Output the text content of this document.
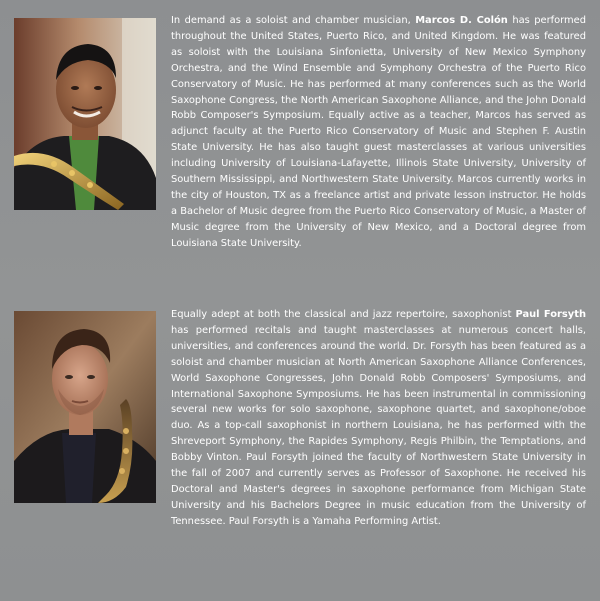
In demand as a soloist and chamber musician, Marcos D. Colón has performed throughout the United States, Puerto Rico, and United Kingdom. He was featured as soloist with the Louisiana Sinfonietta, University of New Mexico Symphony Orchestra, and the Wind Ensemble and Symphony Orchestra of the Puerto Rico Conservatory of Music. He has performed at many conferences such as the World Saxophone Congress, the North American Saxophone Alliance, and the John Donald Robb Composer's Symposium. Equally active as a teacher, Marcos has served as adjunct faculty at the Puerto Rico Conservatory of Music and Stephen F. Austin State University. He has also taught guest masterclasses at various universities including University of Louisiana-Lafayette, Illinois State University, University of Southern Mississippi, and Northwestern State University. Marcos currently works in the city of Houston, TX as a freelance artist and private lesson instructor. He holds a Bachelor of Music degree from the Puerto Rico Conservatory of Music, a Master of Music degree from the University of New Mexico, and a Doctoral degree from Louisiana State University.

Equally adept at both the classical and jazz repertoire, saxophonist Paul Forsyth has performed recitals and taught masterclasses at numerous concert halls, universities, and conferences around the world. Dr. Forsyth has been featured as a soloist and chamber musician at North American Saxophone Alliance Conferences, World Saxophone Congresses, John Donald Robb Composers' Symposiums, and International Saxophone Symposiums. He has been instrumental in commissioning several new works for solo saxophone, saxophone quartet, and saxophone/oboe duo. As a top-call saxophonist in northern Louisiana, he has performed with the Shreveport Symphony, the Rapides Symphony, Regis Philbin, the Temptations, and Bobby Vinton. Paul Forsyth joined the faculty of Northwestern State University in the fall of 2007 and currently serves as Professor of Saxophone. He received his Doctoral and Master's degrees in saxophone performance from Michigan State University and his Bachelors Degree in music education from the University of Tennessee. Paul Forsyth is a Yamaha Performing Artist.
